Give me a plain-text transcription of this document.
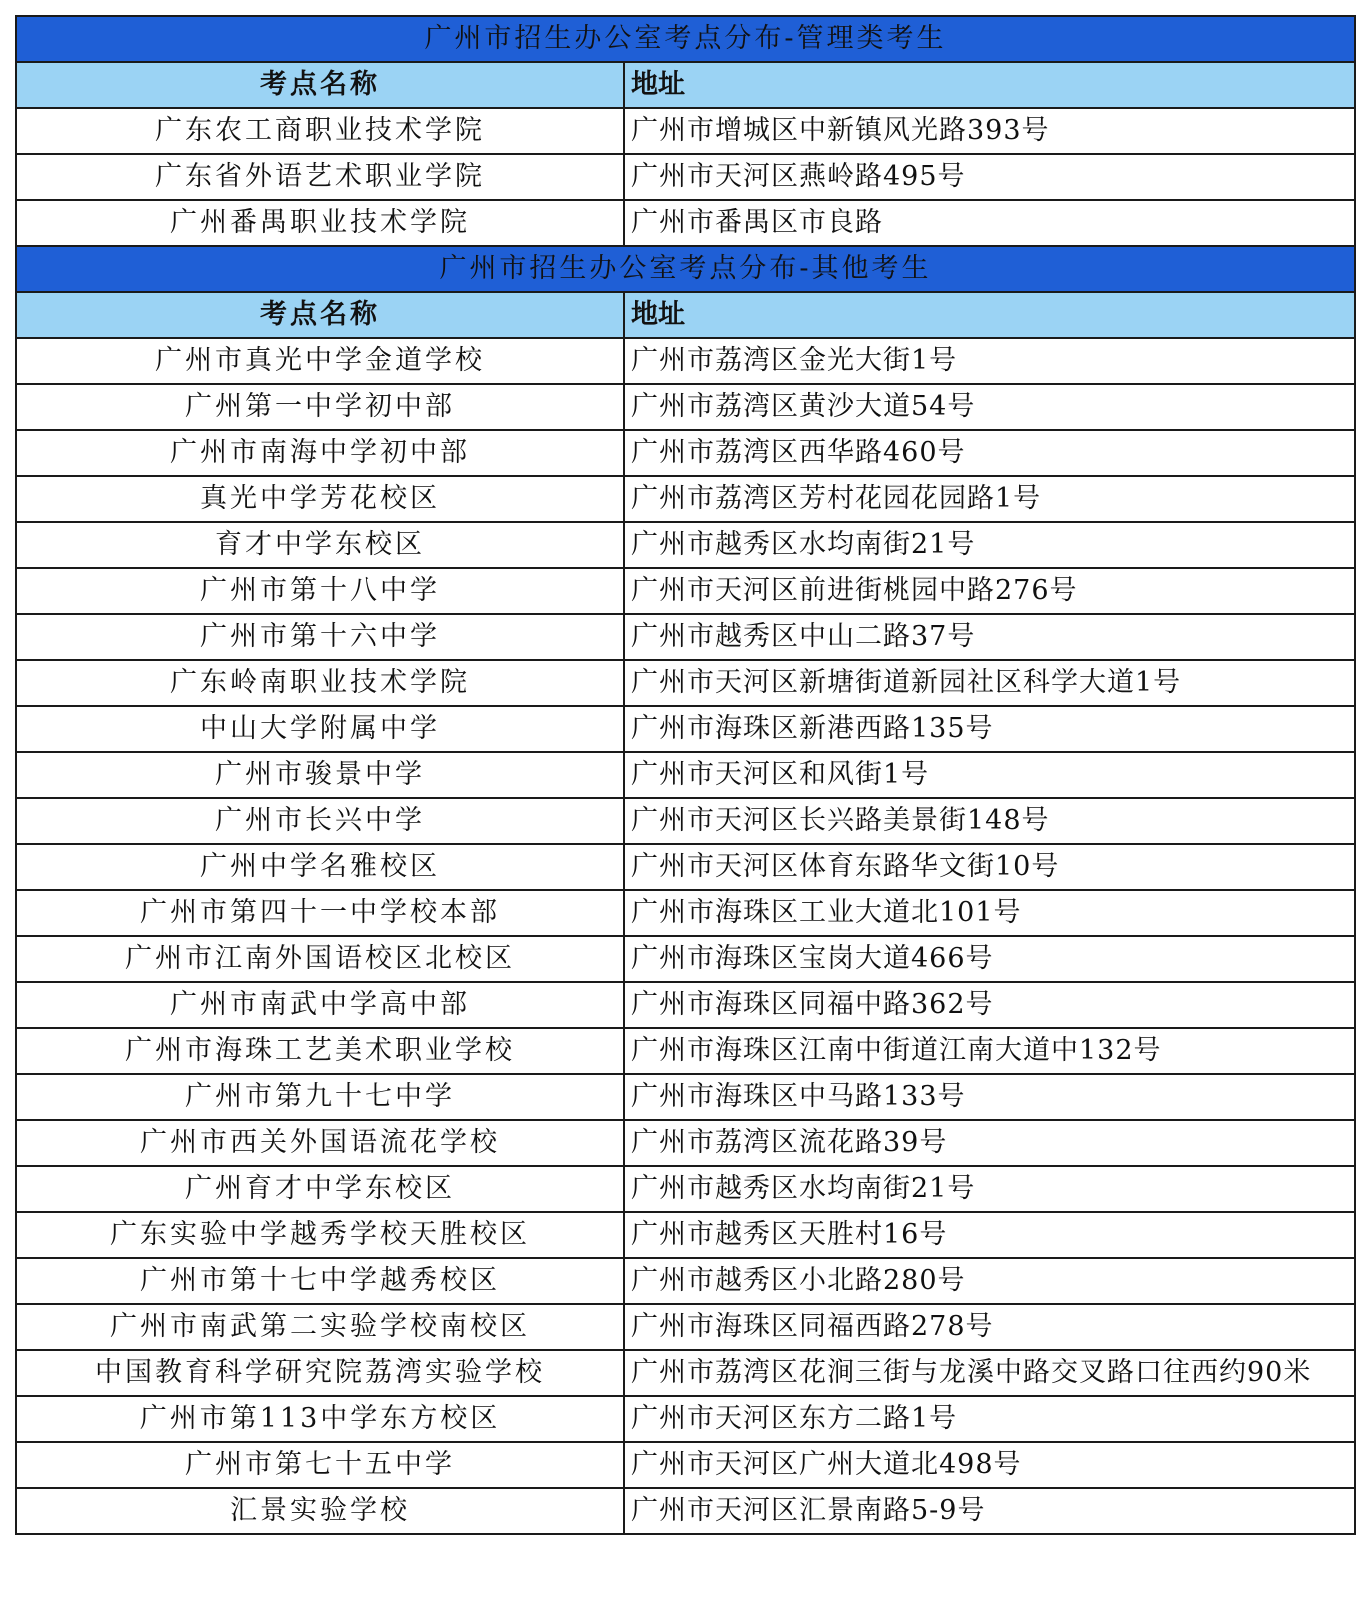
广州市招生办公室考点分布-管理类考生	
考点名称	地址
广东农工商职业技术学院	广州市增城区中新镇风光路393号
广东省外语艺术职业学院	广州市天河区燕岭路495号
广州番禺职业技术学院	广州市番禺区市良路
广州市招生办公室考点分布-其他考生	
考点名称	地址
广州市真光中学金道学校	广州市荔湾区金光大街1号
广州第一中学初中部	广州市荔湾区黄沙大道54号
广州市南海中学初中部	广州市荔湾区西华路460号
真光中学芳花校区	广州市荔湾区芳村花园花园路1号
育才中学东校区	广州市越秀区水均南街21号
广州市第十八中学	广州市天河区前进街桃园中路276号
广州市第十六中学	广州市越秀区中山二路37号
广东岭南职业技术学院	广州市天河区新塘街道新园社区科学大道1号
中山大学附属中学	广州市海珠区新港西路135号
广州市骏景中学	广州市天河区和风街1号
广州市长兴中学	广州市天河区长兴路美景街148号
广州中学名雅校区	广州市天河区体育东路华文街10号
广州市第四十一中学校本部	广州市海珠区工业大道北101号
广州市江南外国语校区北校区	广州市海珠区宝岗大道466号
广州市南武中学高中部	广州市海珠区同福中路362号
广州市海珠工艺美术职业学校	广州市海珠区江南中街道江南大道中132号
广州市第九十七中学	广州市海珠区中马路133号
广州市西关外国语流花学校	广州市荔湾区流花路39号
广州育才中学东校区	广州市越秀区水均南街21号
广东实验中学越秀学校天胜校区	广州市越秀区天胜村16号
广州市第十七中学越秀校区	广州市越秀区小北路280号
广州市南武第二实验学校南校区	广州市海珠区同福西路278号
中国教育科学研究院荔湾实验学校	广州市荔湾区花涧三街与龙溪中路交叉路口往西约90米
广州市第113中学东方校区	广州市天河区东方二路1号
广州市第七十五中学	广州市天河区广州大道北498号
汇景实验学校	广州市天河区汇景南路5-9号
